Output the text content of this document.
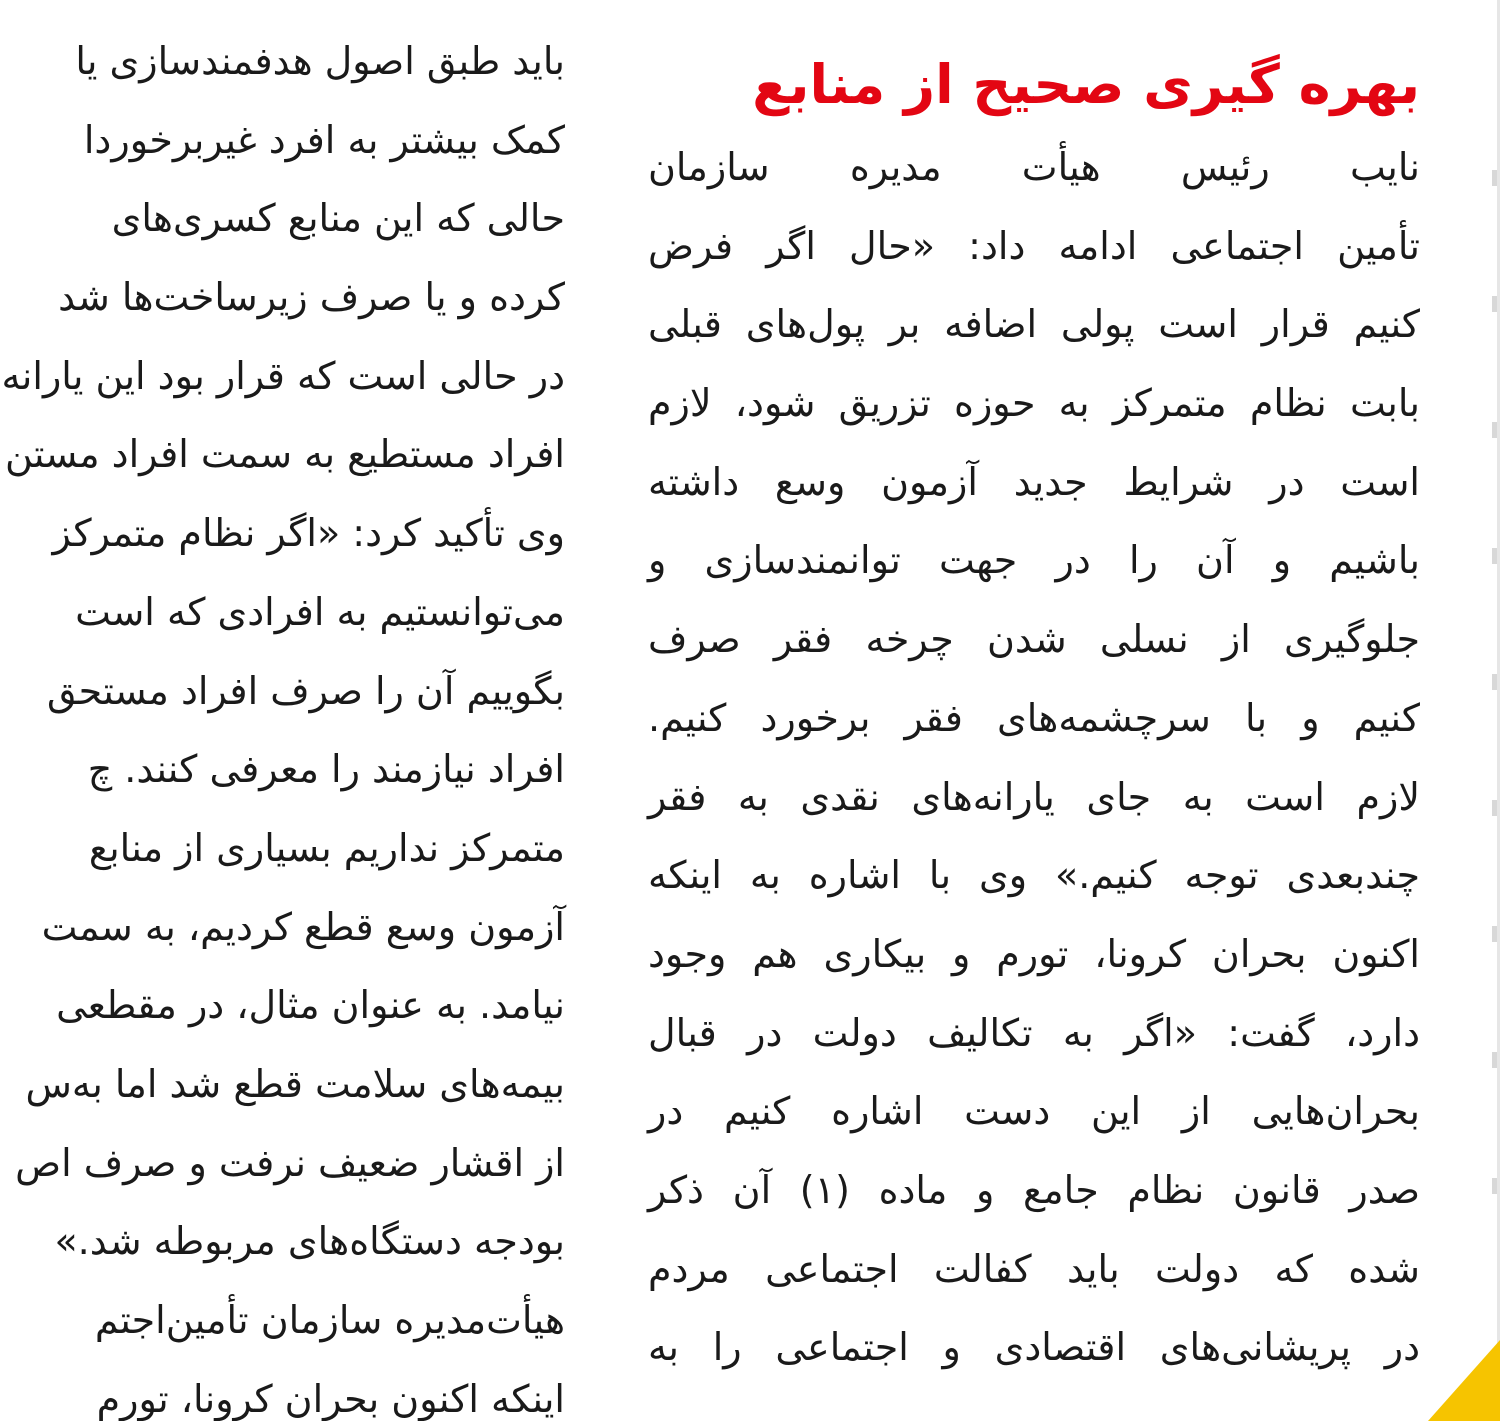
بهره گیری صحیح از منابع
نایب رئیس هیأت مدیره سازمان
تأمین اجتماعی ادامه داد: «حال اگر فرض
کنیم قرار است پولی اضافه بر پول‌های قبلی
بابت نظام متمرکز به حوزه تزریق شود، لازم
است در شرایط جدید آزمون وسع داشته
باشیم و آن را در جهت توانمندسازی و
جلوگیری از نسلی شدن چرخه فقر صرف
کنیم و با سرچشمه‌های فقر برخورد کنیم.
لازم است به جای یارانه‌های نقدی به فقر
چندبعدی توجه کنیم.» وی با اشاره به اینکه
اکنون بحران کرونا، تورم و بیکاری هم وجود
دارد، گفت: «اگر به تکالیف دولت در قبال
بحران‌هایی از این دست اشاره کنیم در
صدر قانون نظام جامع و ماده (۱) آن ذکر
شده که دولت باید کفالت اجتماعی مردم
در پریشانی‌های اقتصادی و اجتماعی را به
باید طبق اصول هدفمندسازی یا
کمک بیشتر به افرد غیربرخوردا
حالی که این منابع کسری‌های
کرده و یا صرف زیرساخت‌ها شد
در حالی است که قرار بود این یارانه
افراد مستطیع به سمت افراد مستن
وی تأکید کرد: «اگر نظام متمرکز
می‌توانستیم به افرادی که است
بگوییم آن را صرف افراد مستحق
افراد نیازمند را معرفی کنند. چ
متمرکز نداریم بسیاری از منابع
آزمون وسع قطع کردیم، به سمت
نیامد. به عنوان مثال، در مقطعی
بیمه‌های سلامت قطع شد اما به‌س
از اقشار ضعیف نرفت و صرف اص
بودجه دستگاه‌های مربوطه شد.»
هیأت‌مدیره سازمان تأمین‌اجتم
اینکه اکنون بحران کرونا، تورم
